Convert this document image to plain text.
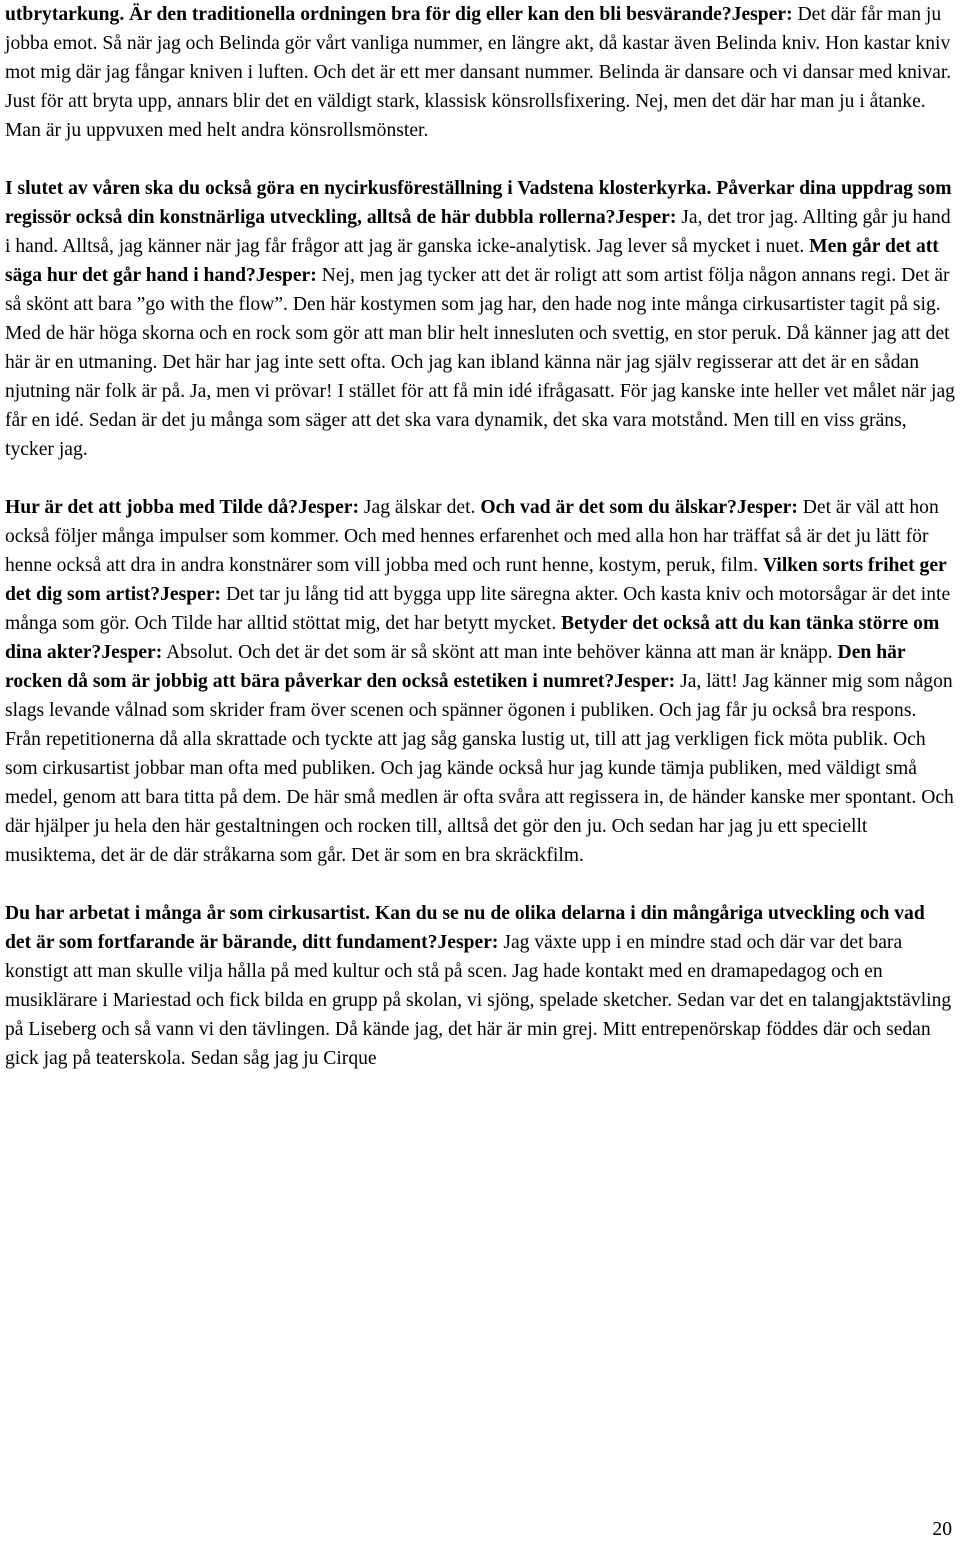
utbrytarkung. Är den traditionella ordningen bra för dig eller kan den bli besvärande?Jesper: Det där får man ju jobba emot. Så när jag och Belinda gör vårt vanliga nummer, en längre akt, då kastar även Belinda kniv. Hon kastar kniv mot mig där jag fångar kniven i luften. Och det är ett mer dansant nummer. Belinda är dansare och vi dansar med knivar. Just för att bryta upp, annars blir det en väldigt stark, klassisk könsrollsfixering. Nej, men det där har man ju i åtanke. Man är ju uppvuxen med helt andra könsrollsmönster.

I slutet av våren ska du också göra en nycirkusföreställning i Vadstena klosterkyrka. Påverkar dina uppdrag som regissör också din konstnärliga utveckling, alltså de här dubbla rollerna?Jesper: Ja, det tror jag. Allting går ju hand i hand. Alltså, jag känner när jag får frågor att jag är ganska icke-analytisk. Jag lever så mycket i nuet. Men går det att säga hur det går hand i hand?Jesper: Nej, men jag tycker att det är roligt att som artist följa någon annans regi. Det är så skönt att bara ”go with the flow”. Den här kostymen som jag har, den hade nog inte många cirkusartister tagit på sig. Med de här höga skorna och en rock som gör att man blir helt innesluten och svettig, en stor peruk. Då känner jag att det här är en utmaning. Det här har jag inte sett ofta. Och jag kan ibland känna när jag själv regisserar att det är en sådan njutning när folk är på. Ja, men vi prövar! I stället för att få min idé ifrågasatt. För jag kanske inte heller vet målet när jag får en idé. Sedan är det ju många som säger att det ska vara dynamik, det ska vara motstånd. Men till en viss gräns, tycker jag.

Hur är det att jobba med Tilde då?Jesper: Jag älskar det. Och vad är det som du älskar?Jesper: Det är väl att hon också följer många impulser som kommer. Och med hennes erfarenhet och med alla hon har träffat så är det ju lätt för henne också att dra in andra konstnärer som vill jobba med och runt henne, kostym, peruk, film. Vilken sorts frihet ger det dig som artist?Jesper: Det tar ju lång tid att bygga upp lite säregna akter. Och kasta kniv och motorsågar är det inte många som gör. Och Tilde har alltid stöttat mig, det har betytt mycket. Betyder det också att du kan tänka större om dina akter?Jesper: Absolut. Och det är det som är så skönt att man inte behöver känna att man är knäpp. Den här rocken då som är jobbig att bära påverkar den också estetiken i numret?Jesper: Ja, lätt! Jag känner mig som någon slags levande vålnad som skrider fram över scenen och spänner ögonen i publiken. Och jag får ju också bra respons. Från repetitionerna då alla skrattade och tyckte att jag såg ganska lustig ut, till att jag verkligen fick möta publik. Och som cirkusartist jobbar man ofta med publiken. Och jag kände också hur jag kunde tämja publiken, med väldigt små medel, genom att bara titta på dem. De här små medlen är ofta svåra att regissera in, de händer kanske mer spontant. Och där hjälper ju hela den här gestaltningen och rocken till, alltså det gör den ju. Och sedan har jag ju ett speciellt musiktema, det är de där stråkarna som går. Det är som en bra skräckfilm.

Du har arbetat i många år som cirkusartist. Kan du se nu de olika delarna i din mångåriga utveckling och vad det är som fortfarande är bärande, ditt fundament?Jesper: Jag växte upp i en mindre stad och där var det bara konstigt att man skulle vilja hålla på med kultur och stå på scen. Jag hade kontakt med en dramapedagog och en musiklärare i Mariestad och fick bilda en grupp på skolan, vi sjöng, spelade sketcher. Sedan var det en talangjaktstävling på Liseberg och så vann vi den tävlingen. Då kände jag, det här är min grej. Mitt entrepenörskap föddes där och sedan gick jag på teaterskola. Sedan såg jag ju Cirque

20
